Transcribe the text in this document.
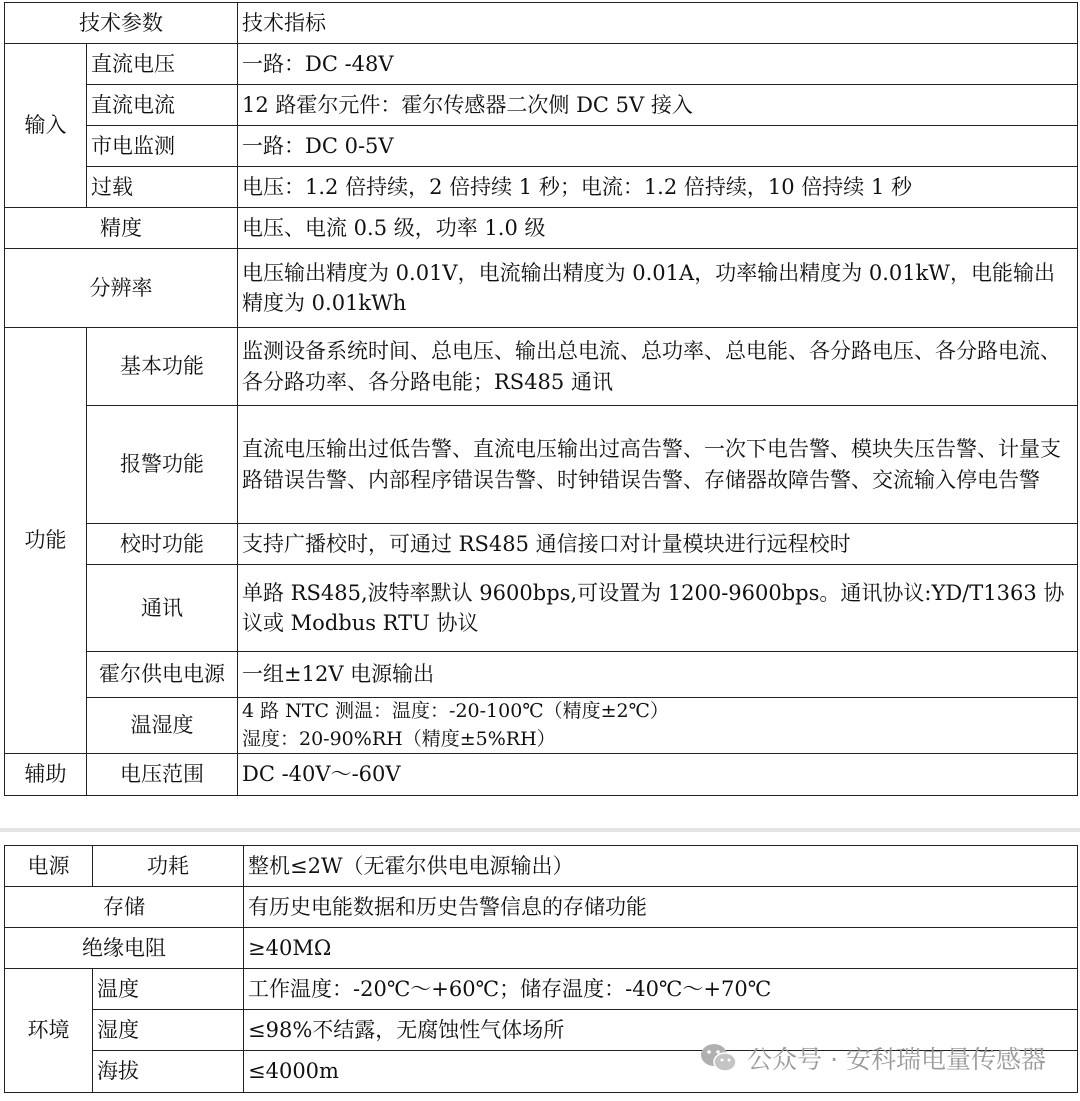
技术参数		技术指标
输入	直流电压	一路：DC -48V
	直流电流	12 路霍尔元件：霍尔传感器二次侧 DC 5V 接入
	市电监测	一路：DC 0-5V
	过载	电压：1.2 倍持续，2 倍持续 1 秒；电流：1.2 倍持续，10 倍持续 1 秒
精度		电压、电流 0.5 级，功率 1.0 级
分辨率		电压输出精度为 0.01V，电流输出精度为 0.01A，功率输出精度为 0.01kW，电能输出精度为 0.01kWh
功能	基本功能	监测设备系统时间、总电压、输出总电流、总功率、总电能、各分路电压、各分路电流、各分路功率、各分路电能；RS485 通讯
	报警功能	直流电压输出过低告警、直流电压输出过高告警、一次下电告警、模块失压告警、计量支路错误告警、内部程序错误告警、时钟错误告警、存储器故障告警、交流输入停电告警
	校时功能	支持广播校时，可通过 RS485 通信接口对计量模块进行远程校时
	通讯	单路 RS485,波特率默认 9600bps,可设置为 1200-9600bps。通讯协议:YD/T1363 协议或 Modbus RTU 协议
	霍尔供电电源	一组±12V 电源输出
	温湿度	4 路 NTC 测温：温度：-20-100℃（精度±2℃）
湿度：20-90%RH（精度±5%RH）

辅助	电压范围	DC -40V～-60V
电源	功耗	整机≤2W（无霍尔供电电源输出）
存储		有历史电能数据和历史告警信息的存储功能
绝缘电阻		≥40MΩ
环境	温度	工作温度：-20℃～+60℃；储存温度：-40℃～+70℃
	湿度	≤98%不结露，无腐蚀性气体场所
	海拔	≤4000m	公众号 · 安科瑞电量传感器
